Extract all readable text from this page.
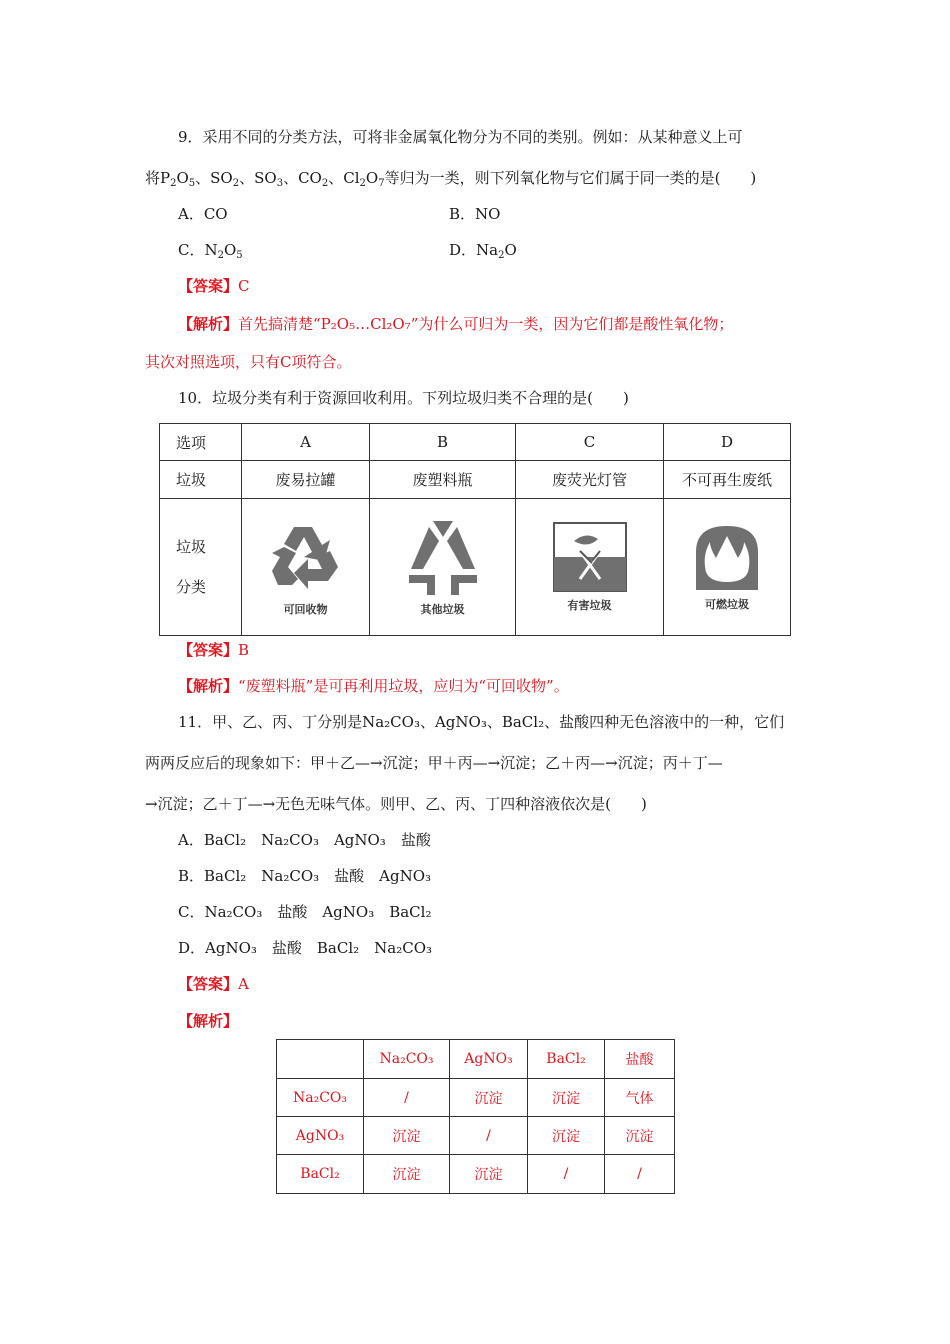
9．采用不同的分类方法，可将非金属氧化物分为不同的类别。例如：从某种意义上可
将$P_2O_5$、$SO_2$、$SO_3$、$CO_2$、$Cl_2O_7$等归为一类，则下列氧化物与它们属于同一类的是(　　)
A．CO	B．NO
C．$N_2O_5$	D．$Na_2O$
【答案】C
【解析】首先搞清楚“P₂O₅…Cl₂O₇”为什么可归为一类，因为它们都是酸性氧化物；
其次对照选项，只有C项符合。
10．垃圾分类有利于资源回收利用。下列垃圾归类不合理的是(　　)
选项	A	B	C	D
垃圾	废易拉罐	废塑料瓶	废荧光灯管	不可再生废纸

垃圾
分类	可回收物	其他垃圾	有害垃圾	可燃垃圾
【答案】B
【解析】“废塑料瓶”是可再利用垃圾，应归为“可回收物”。
11．甲、乙、丙、丁分别是Na₂CO₃、AgNO₃、BaCl₂、盐酸四种无色溶液中的一种，它们
两两反应后的现象如下：甲＋乙—→沉淀；甲＋丙—→沉淀；乙＋丙—→沉淀；丙＋丁—
→沉淀；乙＋丁—→无色无味气体。则甲、乙、丙、丁四种溶液依次是(　　)
A．BaCl₂　Na₂CO₃　AgNO₃　盐酸
B．BaCl₂　Na₂CO₃　盐酸　AgNO₃
C．Na₂CO₃　盐酸　AgNO₃　BaCl₂
D．AgNO₃　盐酸　BaCl₂　Na₂CO₃
【答案】A
【解析】
	Na₂CO₃	AgNO₃	BaCl₂	盐酸
Na₂CO₃	/	沉淀	沉淀	气体
AgNO₃	沉淀	/	沉淀	沉淀
BaCl₂	沉淀	沉淀	/	/
